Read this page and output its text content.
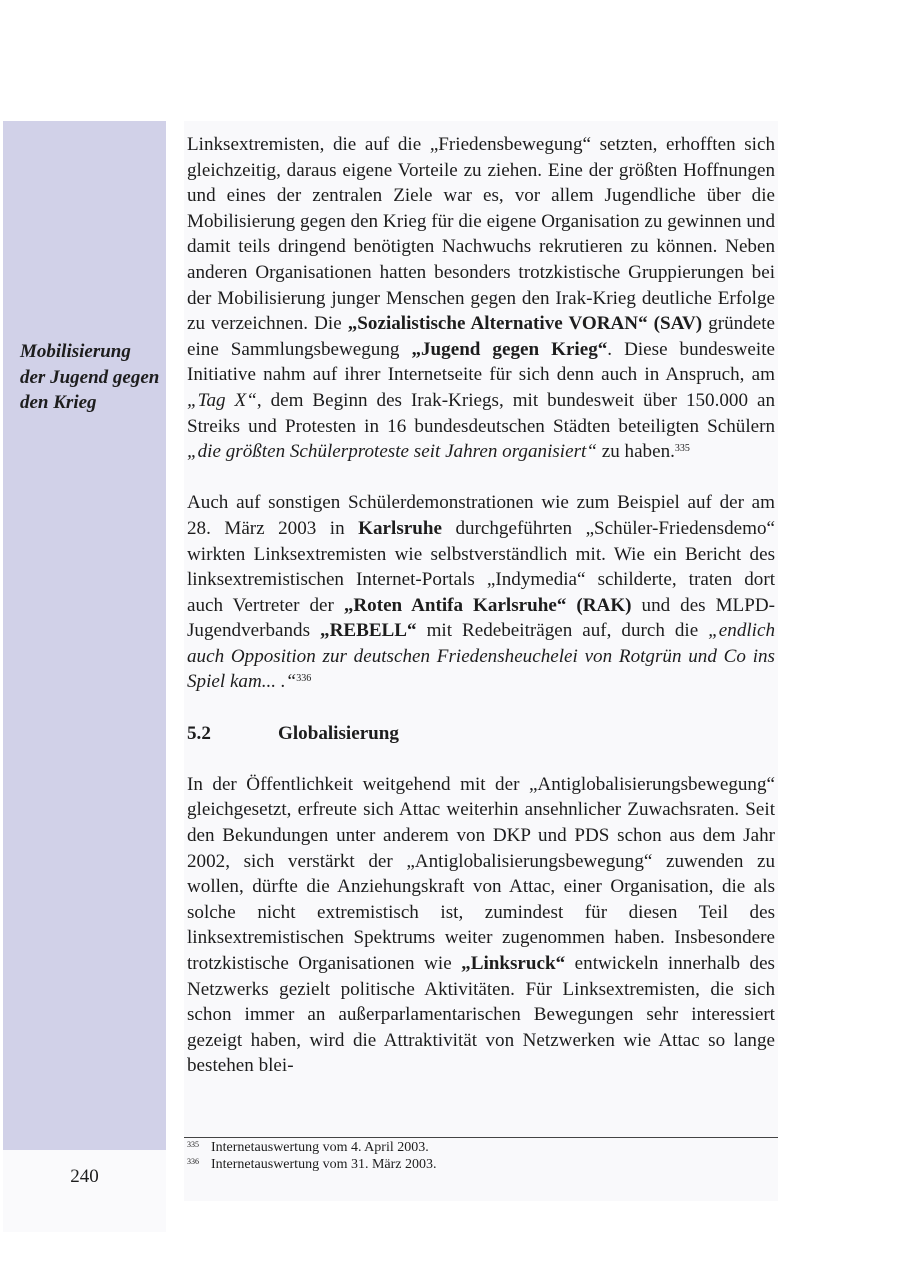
240
Mobilisierung der Jugend gegen den Krieg

Linksextremisten, die auf die „Friedensbewegung“ setzten, erhofften sich gleichzeitig, daraus eigene Vorteile zu ziehen. Eine der größten Hoffnungen und eines der zentralen Ziele war es, vor allem Jugendliche über die Mobilisierung gegen den Krieg für die eigene Organisation zu gewinnen und damit teils dringend benötigten Nachwuchs rekrutieren zu können. Neben anderen Organisationen hatten besonders trotzkistische Gruppierungen bei der Mobilisierung junger Menschen gegen den Irak-Krieg deutliche Erfolge zu verzeichnen. Die „Sozialistische Alternative VORAN“ (SAV) gründete eine Sammlungsbewegung „Jugend gegen Krieg“. Diese bundesweite Initiative nahm auf ihrer Internetseite für sich denn auch in Anspruch, am „Tag X“, dem Beginn des Irak-Kriegs, mit bundesweit über 150.000 an Streiks und Protesten in 16 bundesdeutschen Städten beteiligten Schülern „die größten Schülerproteste seit Jahren organisiert“ zu haben.$^{335}$

Auch auf sonstigen Schülerdemonstrationen wie zum Beispiel auf der am 28. März 2003 in Karlsruhe durchgeführten „Schüler-Friedensdemo“ wirkten Linksextremisten wie selbstverständlich mit. Wie ein Bericht des linksextremistischen Internet-Portals „Indymedia“ schilderte, traten dort auch Vertreter der „Roten Antifa Karlsruhe“ (RAK) und des MLPD-Jugendverbands „REBELL“ mit Redebeiträgen auf, durch die „endlich auch Opposition zur deutschen Friedensheuchelei von Rotgrün und Co ins Spiel kam... .“$^{336}$

5.2	Globalisierung

In der Öffentlichkeit weitgehend mit der „Antiglobalisierungsbewegung“ gleichgesetzt, erfreute sich Attac weiterhin ansehnlicher Zuwachsraten. Seit den Bekundungen unter anderem von DKP und PDS schon aus dem Jahr 2002, sich verstärkt der „Antiglobalisierungsbewegung“ zuwenden zu wollen, dürfte die Anziehungskraft von Attac, einer Organisation, die als solche nicht extremistisch ist, zumindest für diesen Teil des linksextremistischen Spektrums weiter zugenommen haben. Insbesondere trotzkistische Organisationen wie „Linksruck“ entwickeln innerhalb des Netzwerks gezielt politische Aktivitäten. Für Linksextremisten, die sich schon immer an außerparlamentarischen Bewegungen sehr interessiert gezeigt haben, wird die Attraktivität von Netzwerken wie Attac so lange bestehen blei-

335 Internetauswertung vom 4. April 2003.
336 Internetauswertung vom 31. März 2003.
